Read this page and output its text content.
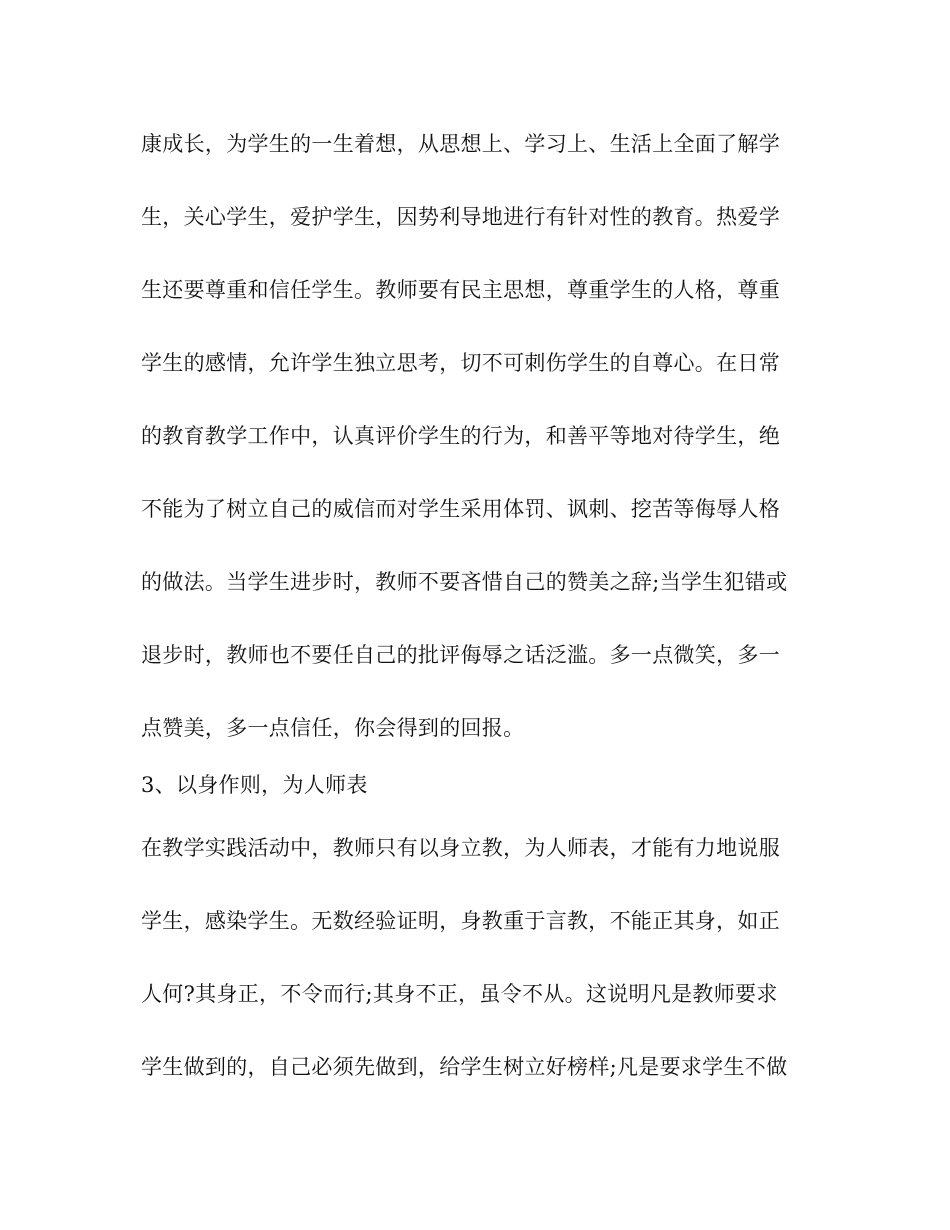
康成长，为学生的一生着想，从思想上、学习上、生活上全面了解学
生，关心学生，爱护学生，因势利导地进行有针对性的教育。热爱学
生还要尊重和信任学生。教师要有民主思想，尊重学生的人格，尊重
学生的感情，允许学生独立思考，切不可刺伤学生的自尊心。在日常
的教育教学工作中，认真评价学生的行为，和善平等地对待学生，绝
不能为了树立自己的威信而对学生采用体罚、讽刺、挖苦等侮辱人格
的做法。当学生进步时，教师不要吝惜自己的赞美之辞;当学生犯错或
退步时，教师也不要任自己的批评侮辱之话泛滥。多一点微笑，多一
点赞美，多一点信任，你会得到的回报。
3、以身作则，为人师表
在教学实践活动中，教师只有以身立教，为人师表，才能有力地说服
学生，感染学生。无数经验证明，身教重于言教，不能正其身，如正
人何?其身正，不令而行;其身不正，虽令不从。这说明凡是教师要求
学生做到的，自己必须先做到，给学生树立好榜样;凡是要求学生不做
